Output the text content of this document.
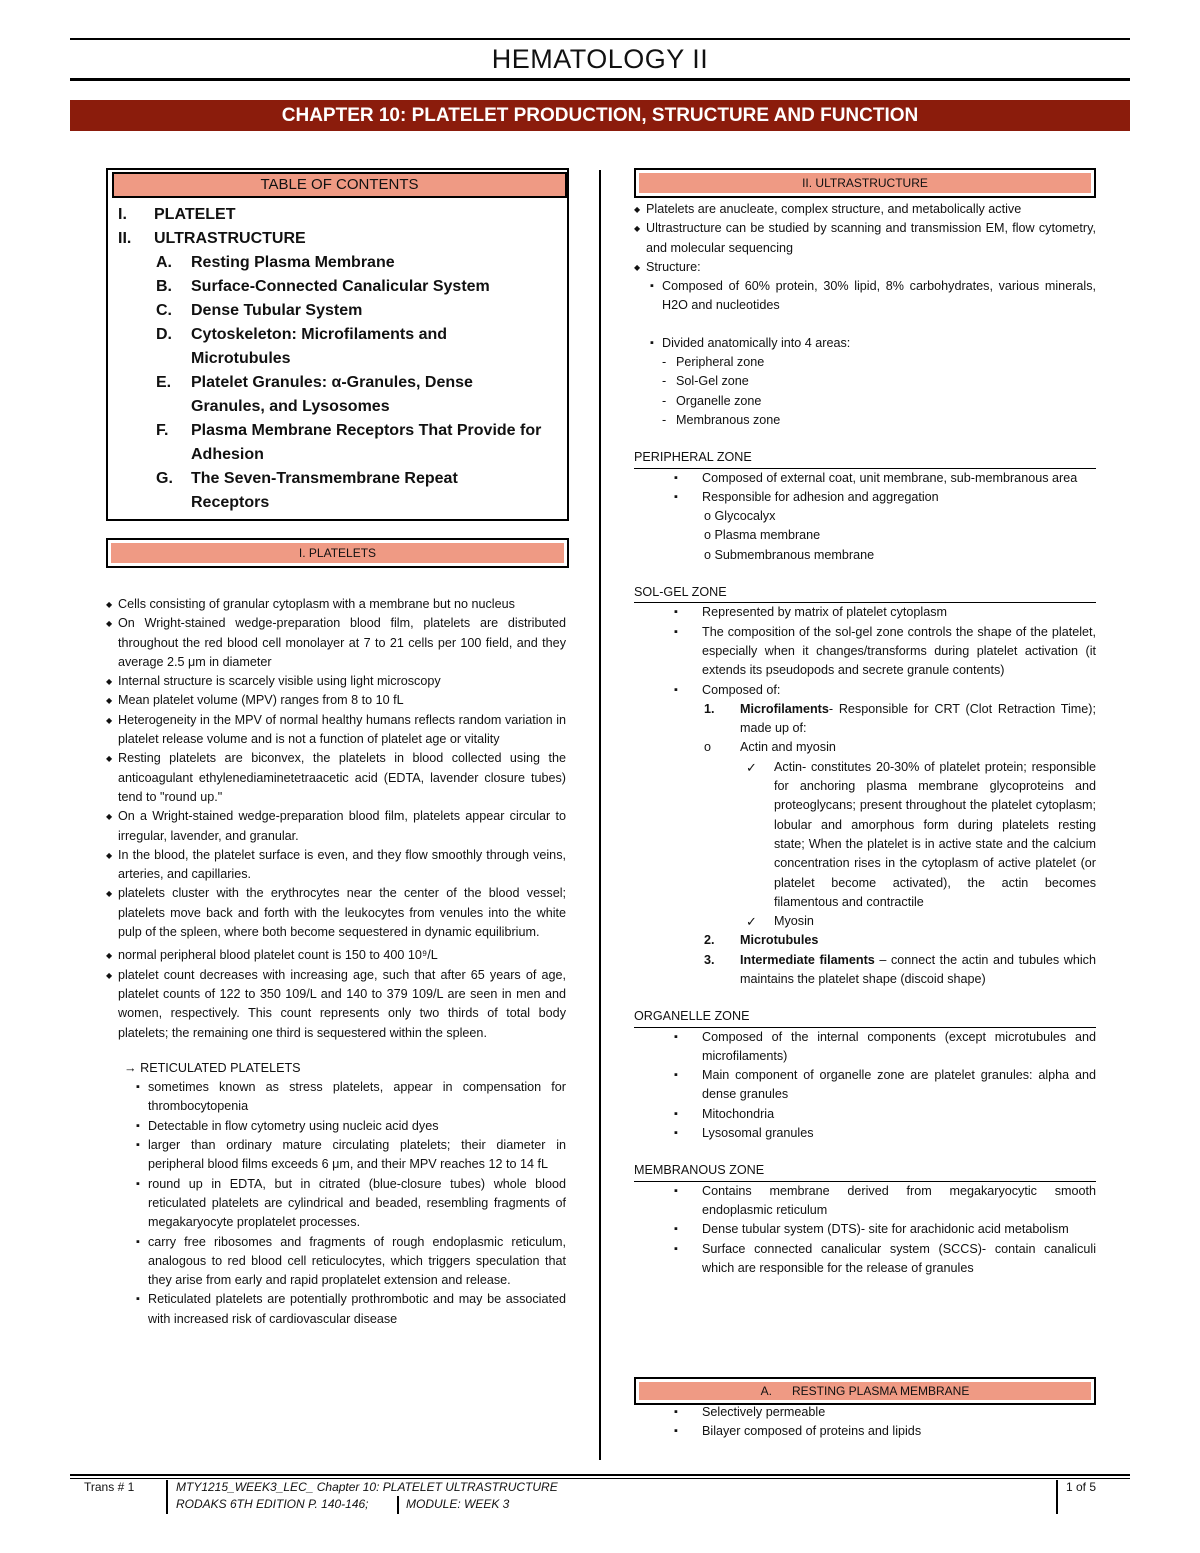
HEMATOLOGY II
CHAPTER 10: PLATELET PRODUCTION, STRUCTURE AND FUNCTION
TABLE OF CONTENTS
I.	PLATELET
II.	ULTRASTRUCTURE
A.	Resting Plasma Membrane
B.	Surface-Connected Canalicular System
C.	Dense Tubular System
D.	Cytoskeleton: Microfilaments and Microtubules
E.	Platelet Granules: α-Granules, Dense Granules, and Lysosomes
F.	Plasma Membrane Receptors That Provide for Adhesion
G.	The Seven-Transmembrane Repeat Receptors
I. PLATELETS
◆ Cells consisting of granular cytoplasm with a membrane but no nucleus
◆ On Wright-stained wedge-preparation blood film, platelets are distributed throughout the red blood cell monolayer at 7 to 21 cells per 100 field, and they average 2.5 μm in diameter
◆ Internal structure is scarcely visible using light microscopy
◆ Mean platelet volume (MPV) ranges from 8 to 10 fL
◆ Heterogeneity in the MPV of normal healthy humans reflects random variation in platelet release volume and is not a function of platelet age or vitality
◆ Resting platelets are biconvex, the platelets in blood collected using the anticoagulant ethylenediaminetetraacetic acid (EDTA, lavender closure tubes) tend to "round up."
◆ On a Wright-stained wedge-preparation blood film, platelets appear circular to irregular, lavender, and granular.
◆ In the blood, the platelet surface is even, and they flow smoothly through veins, arteries, and capillaries.
◆ platelets cluster with the erythrocytes near the center of the blood vessel; platelets move back and forth with the leukocytes from venules into the white pulp of the spleen, where both become sequestered in dynamic equilibrium.
◆ normal peripheral blood platelet count is 150 to 400 10⁹/L
◆ platelet count decreases with increasing age, such that after 65 years of age, platelet counts of 122 to 350 109/L and 140 to 379 109/L are seen in men and women, respectively. This count represents only two thirds of total body platelets; the remaining one third is sequestered within the spleen.
→ RETICULATED PLATELETS
▪ sometimes known as stress platelets, appear in compensation for thrombocytopenia
▪ Detectable in flow cytometry using nucleic acid dyes
▪ larger than ordinary mature circulating platelets; their diameter in peripheral blood films exceeds 6 μm, and their MPV reaches 12 to 14 fL
▪ round up in EDTA, but in citrated (blue-closure tubes) whole blood reticulated platelets are cylindrical and beaded, resembling fragments of megakaryocyte proplatelet processes.
▪ carry free ribosomes and fragments of rough endoplasmic reticulum, analogous to red blood cell reticulocytes, which triggers speculation that they arise from early and rapid proplatelet extension and release.
▪ Reticulated platelets are potentially prothrombotic and may be associated with increased risk of cardiovascular disease
II. ULTRASTRUCTURE
◆ Platelets are anucleate, complex structure, and metabolically active
◆ Ultrastructure can be studied by scanning and transmission EM, flow cytometry, and molecular sequencing
◆ Structure:
▪ Composed of 60% protein, 30% lipid, 8% carbohydrates, various minerals, H2O and nucleotides
▪ Divided anatomically into 4 areas:
- Peripheral zone
- Sol-Gel zone
- Organelle zone
- Membranous zone
PERIPHERAL ZONE
▪ Composed of external coat, unit membrane, sub-membranous area
▪ Responsible for adhesion and aggregation
o Glycocalyx
o Plasma membrane
o Submembranous membrane
SOL-GEL ZONE
▪ Represented by matrix of platelet cytoplasm
▪ The composition of the sol-gel zone controls the shape of the platelet, especially when it changes/transforms during platelet activation (it extends its pseudopods and secrete granule contents)
▪ Composed of:
1.	Microfilaments- Responsible for CRT (Clot Retraction Time); made up of:
o	Actin and myosin
✓ Actin- constitutes 20-30% of platelet protein; responsible for anchoring plasma membrane glycoproteins and proteoglycans; present throughout the platelet cytoplasm; lobular and amorphous form during platelets resting state; When the platelet is in active state and the calcium concentration rises in the cytoplasm of active platelet (or platelet become activated), the actin becomes filamentous and contractile
✓ Myosin
2.	Microtubules
3.	Intermediate filaments – connect the actin and tubules which maintains the platelet shape (discoid shape)
ORGANELLE ZONE
▪ Composed of the internal components (except microtubules and microfilaments)
▪ Main component of organelle zone are platelet granules: alpha and dense granules
▪ Mitochondria
▪ Lysosomal granules
MEMBRANOUS ZONE
▪ Contains membrane derived from megakaryocytic smooth endoplasmic reticulum
▪ Dense tubular system (DTS)- site for arachidonic acid metabolism
▪ Surface connected canalicular system (SCCS)- contain canaliculi which are responsible for the release of granules
A.      RESTING PLASMA MEMBRANE
▪ Selectively permeable
▪ Bilayer composed of proteins and lipids
Trans # 1	MTY1215_WEEK3_LEC_ Chapter 10: PLATELET ULTRASTRUCTURE
RODAKS 6TH EDITION P. 140-146;	MODULE: WEEK 3
1 of 5
